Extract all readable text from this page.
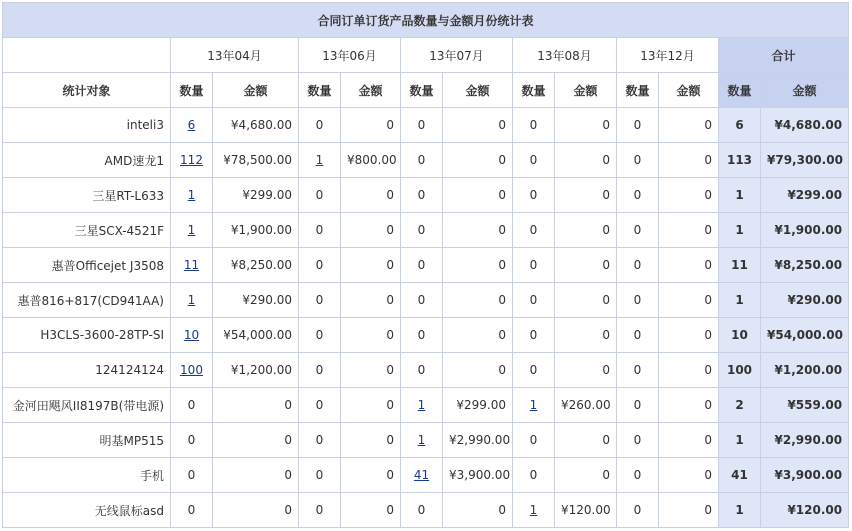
合同订单订货产品数量与金额月份统计表												
	13年04月		13年06月		13年07月		13年08月		13年12月		合计	
统计对象	数量	金额	数量	金额	数量	金额	数量	金额	数量	金额	数量	金额
inteli3	6	¥4,680.00	0	0	0	0	0	0	0	0	6	¥4,680.00
AMD速龙1	112	¥78,500.00	1	¥800.00	0	0	0	0	0	0	113	¥79,300.00
三星RT-L633	1	¥299.00	0	0	0	0	0	0	0	0	1	¥299.00
三星SCX-4521F	1	¥1,900.00	0	0	0	0	0	0	0	0	1	¥1,900.00
惠普Officejet J3508	11	¥8,250.00	0	0	0	0	0	0	0	0	11	¥8,250.00
惠普816+817(CD941AA)	1	¥290.00	0	0	0	0	0	0	0	0	1	¥290.00
H3CLS-3600-28TP-SI	10	¥54,000.00	0	0	0	0	0	0	0	0	10	¥54,000.00
124124124	100	¥1,200.00	0	0	0	0	0	0	0	0	100	¥1,200.00
金河田飓风II8197B(带电源)	0	0	0	0	1	¥299.00	1	¥260.00	0	0	2	¥559.00
明基MP515	0	0	0	0	1	¥2,990.00	0	0	0	0	1	¥2,990.00
手机	0	0	0	0	41	¥3,900.00	0	0	0	0	41	¥3,900.00
无线鼠标asd	0	0	0	0	0	0	1	¥120.00	0	0	1	¥120.00
